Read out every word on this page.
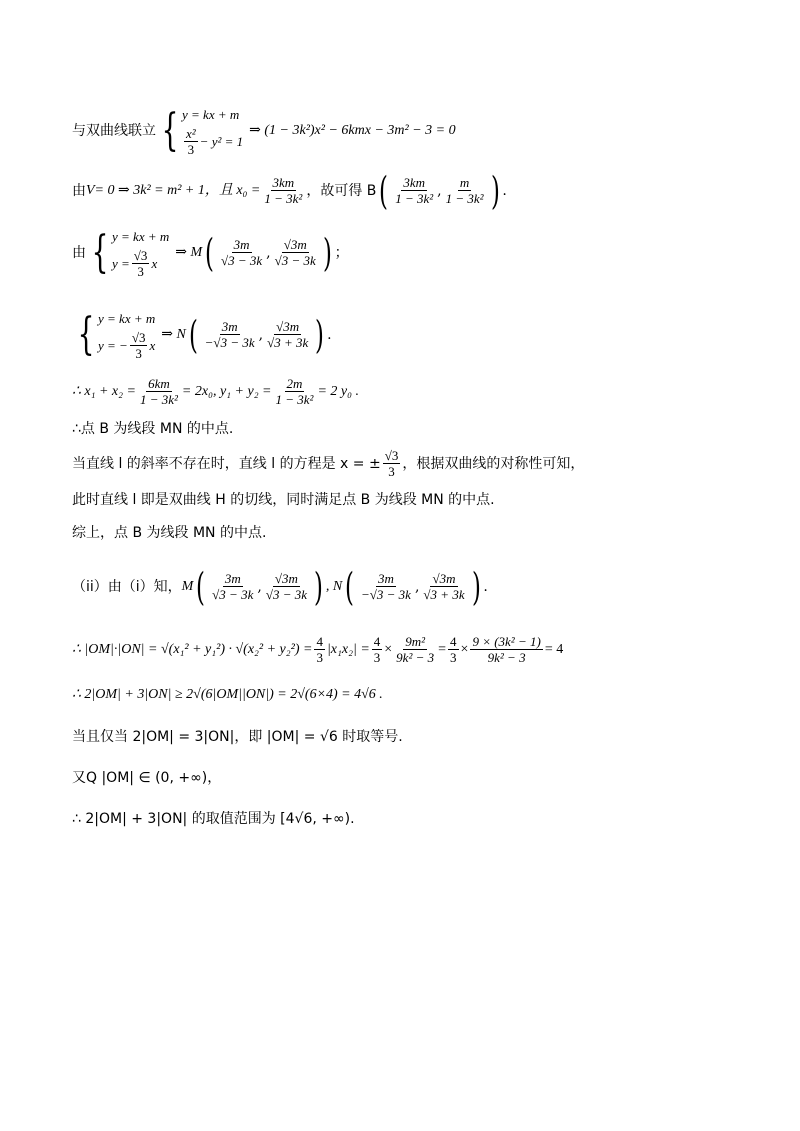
与双曲线联立 { y = kx + m
$\frac{\text{x²}}{3} - y^2 = 1$
⇒ (1 − 3k²)x² − 6kmx − 3m² − 3 = 0
由 V= 0 ⇒ 3k² = m² + 1，且 $x_0 = \frac{3km}{\text{1 − 3k²}}$ ，故可得 B ( $\frac{3km}{\text{1 − 3k²}}$ , $\frac{m}{\text{1 − 3k²}}$ ) .
由 { y = kx + m
$y = \frac{√3}{3}$ x
⇒ M ( $\frac{3m}{√3 - 3k}$ , $\frac{√3m}{√3 - 3k}$ ) ；
{ y = kx + m
y = − $\frac{√3}{3}$ x
⇒ N ( $\frac{3m}{-√3 - 3k}$ , $\frac{√3m}{√3 + 3k}$ ) .
∴ $x_1 + x_2 = \frac{6km}{\text{1 − 3k²}} = 2x_0$, $y_1 + y_2 = \frac{2m}{\text{1 − 3k²}} = 2$ y₀ .
∴点 B 为线段 MN 的中点.
当直线 l 的斜率不存在时，直线 l 的方程是 x = ± $\frac{√3}{3}$ ，根据双曲线的对称性可知，
此时直线 l 即是双曲线 H 的切线，同时满足点 B 为线段 MN 的中点.
综上，点 B 为线段 MN 的中点.
（ii）由（i）知， M ( $\frac{3m}{√3 - 3k}$ , $\frac{√3m}{√3 - 3k}$ ) , N ( $\frac{3m}{-√3 - 3k}$ , $\frac{√3m}{√3 + 3k}$ ) .
∴ $|OM|\cdot|ON| = √(x_1^2 + y_1^2) \cdot √(x_2^2 + y_2^2) = \frac{4}{3} |x_1x_2| = \frac{4}{3} \times \frac{\text{9m²}}{\text{9k² − 3}} = \frac{4}{3} \times \frac{\text{9 × (3k² − 1)}}{\text{9k² − 3}} = 4$
∴ 2|OM| + 3|ON| ≥ 2√(6|OM||ON|) = 2√(6×4) = 4√6 .
当且仅当 2|OM| = 3|ON|，即 |OM| = √6 时取等号.
又Q |OM| ∈ (0, +∞)，
∴ 2|OM| + 3|ON| 的取值范围为 [4√6, +∞).
